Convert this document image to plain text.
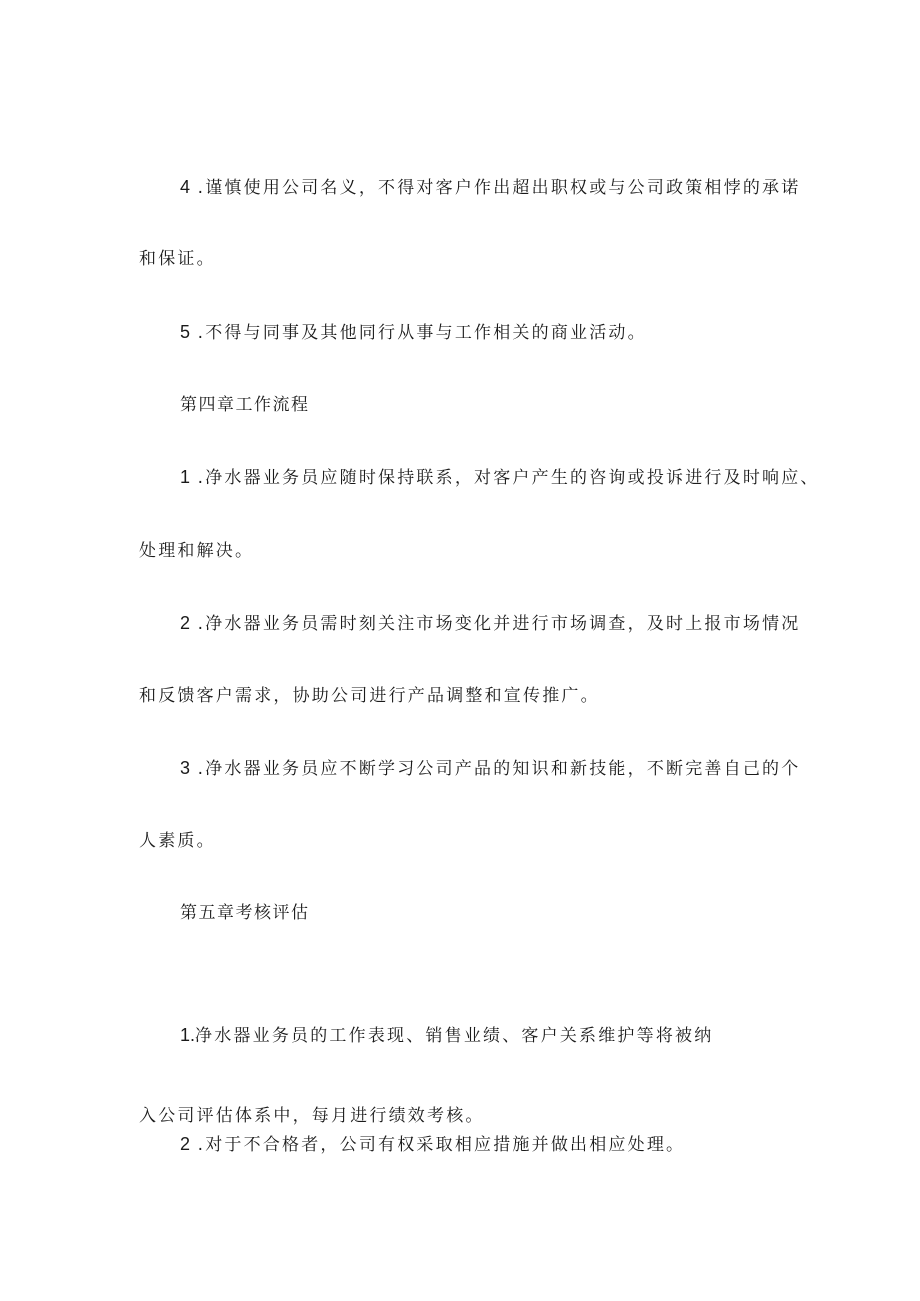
4 .谨慎使用公司名义，不得对客户作出超出职权或与公司政策相悖的承诺
和保证。
5 .不得与同事及其他同行从事与工作相关的商业活动。
第四章工作流程
1 .净水器业务员应随时保持联系，对客户产生的咨询或投诉进行及时响应、
处理和解决。
2 .净水器业务员需时刻关注市场变化并进行市场调查，及时上报市场情况
和反馈客户需求，协助公司进行产品调整和宣传推广。
3 .净水器业务员应不断学习公司产品的知识和新技能，不断完善自己的个
人素质。
第五章考核评估
1.净水器业务员的工作表现、销售业绩、客户关系维护等将被纳
入公司评估体系中，每月进行绩效考核。
2 .对于不合格者，公司有权采取相应措施并做出相应处理。
